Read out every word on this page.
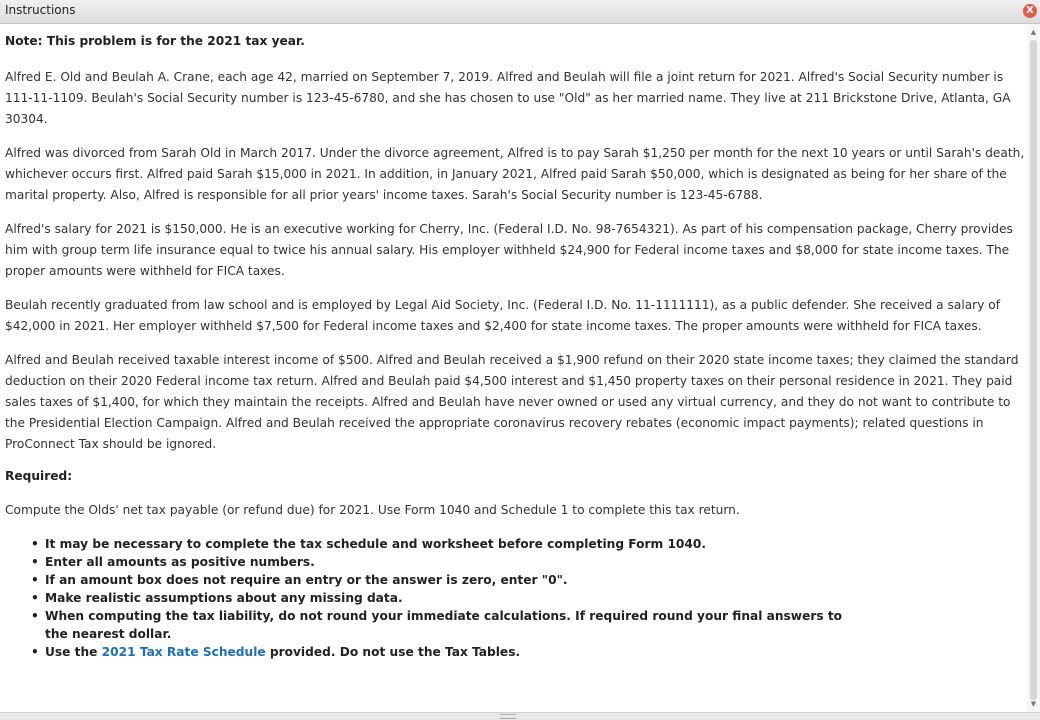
Instructions	X

Note: This problem is for the 2021 tax year.

Alfred E. Old and Beulah A. Crane, each age 42, married on September 7, 2019. Alfred and Beulah will file a joint return for 2021. Alfred's Social Security number is 111-11-1109. Beulah's Social Security number is 123-45-6780, and she has chosen to use "Old" as her married name. They live at 211 Brickstone Drive, Atlanta, GA 30304.

Alfred was divorced from Sarah Old in March 2017. Under the divorce agreement, Alfred is to pay Sarah $1,250 per month for the next 10 years or until Sarah's death, whichever occurs first. Alfred paid Sarah $15,000 in 2021. In addition, in January 2021, Alfred paid Sarah $50,000, which is designated as being for her share of the marital property. Also, Alfred is responsible for all prior years' income taxes. Sarah's Social Security number is 123-45-6788.

Alfred's salary for 2021 is $150,000. He is an executive working for Cherry, Inc. (Federal I.D. No. 98-7654321). As part of his compensation package, Cherry provides him with group term life insurance equal to twice his annual salary. His employer withheld $24,900 for Federal income taxes and $8,000 for state income taxes. The proper amounts were withheld for FICA taxes.

Beulah recently graduated from law school and is employed by Legal Aid Society, Inc. (Federal I.D. No. 11-1111111), as a public defender. She received a salary of $42,000 in 2021. Her employer withheld $7,500 for Federal income taxes and $2,400 for state income taxes. The proper amounts were withheld for FICA taxes.

Alfred and Beulah received taxable interest income of $500. Alfred and Beulah received a $1,900 refund on their 2020 state income taxes; they claimed the standard deduction on their 2020 Federal income tax return. Alfred and Beulah paid $4,500 interest and $1,450 property taxes on their personal residence in 2021. They paid sales taxes of $1,400, for which they maintain the receipts. Alfred and Beulah have never owned or used any virtual currency, and they do not want to contribute to the Presidential Election Campaign. Alfred and Beulah received the appropriate coronavirus recovery rebates (economic impact payments); related questions in ProConnect Tax should be ignored.

Required:

Compute the Olds' net tax payable (or refund due) for 2021. Use Form 1040 and Schedule 1 to complete this tax return.

• It may be necessary to complete the tax schedule and worksheet before completing Form 1040.
• Enter all amounts as positive numbers.
• If an amount box does not require an entry or the answer is zero, enter "0".
• Make realistic assumptions about any missing data.
• When computing the tax liability, do not round your immediate calculations. If required round your final answers to the nearest dollar.
• Use the 2021 Tax Rate Schedule provided. Do not use the Tax Tables.
▲
▼
